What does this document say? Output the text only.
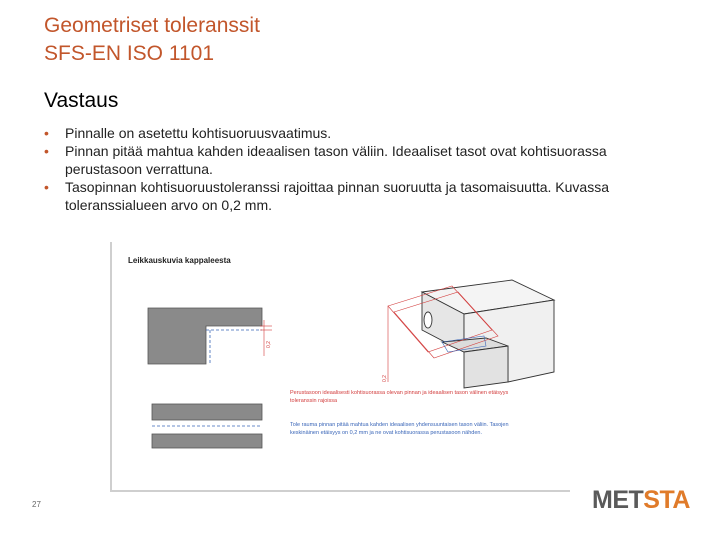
Geometriset toleranssit
SFS-EN ISO 1101
Vastaus
• Pinnalle on asetettu kohtisuoruusvaatimus.
• Pinnan pitää mahtua kahden ideaalisen tason väliin. Ideaaliset tasot ovat kohtisuorassa perustasoon verrattuna.
• Tasopinnan kohtisuoruustoleranssi rajoittaa pinnan suoruutta ja tasomaisuutta. Kuvassa toleranssialueen arvo on 0,2 mm.
0,2
0,2
Leikkauskuvia kappaleesta
Perustasoon ideaalisesti kohtisuorassa olevan pinnan ja ideaalisen tason välinen etäisyys toleranssin rajoissa
Tole rauma pinnan pitää mahtua kahden ideaalisen yhdensuuntaisen tason väliin. Tasojen keskinäinen etäisyys on 0,2 mm ja ne ovat kohtisuorassa perustasoon nähden.
27	METSTA
